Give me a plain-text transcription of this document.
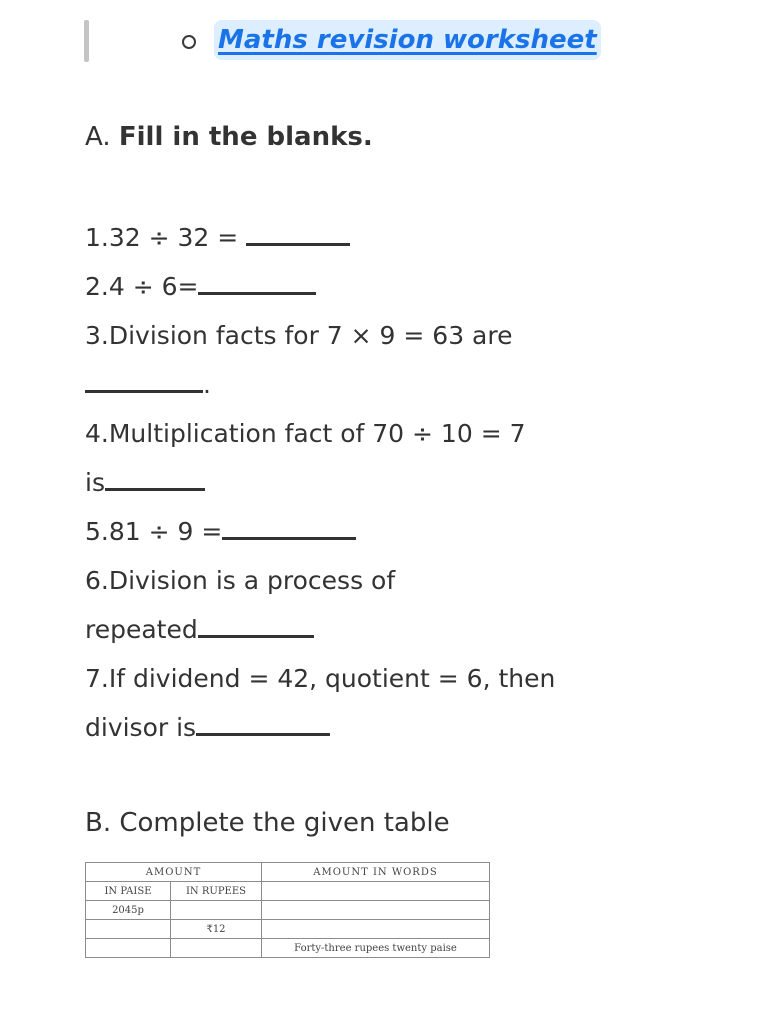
Maths revision worksheet
A. Fill in the blanks.
1.32 ÷ 32 =
2.4 ÷ 6=
3.Division facts for 7 × 9 = 63 are
.
4.Multiplication fact of 70 ÷ 10 = 7
is
5.81 ÷ 9 =
6.Division is a process of
repeated
7.If dividend = 42, quotient = 6, then
divisor is
B. Complete the given table
AMOUNT		AMOUNT IN WORDS
IN PAISE	IN RUPEES	
2045p		
	₹12	
		Forty-three rupees twenty paise
